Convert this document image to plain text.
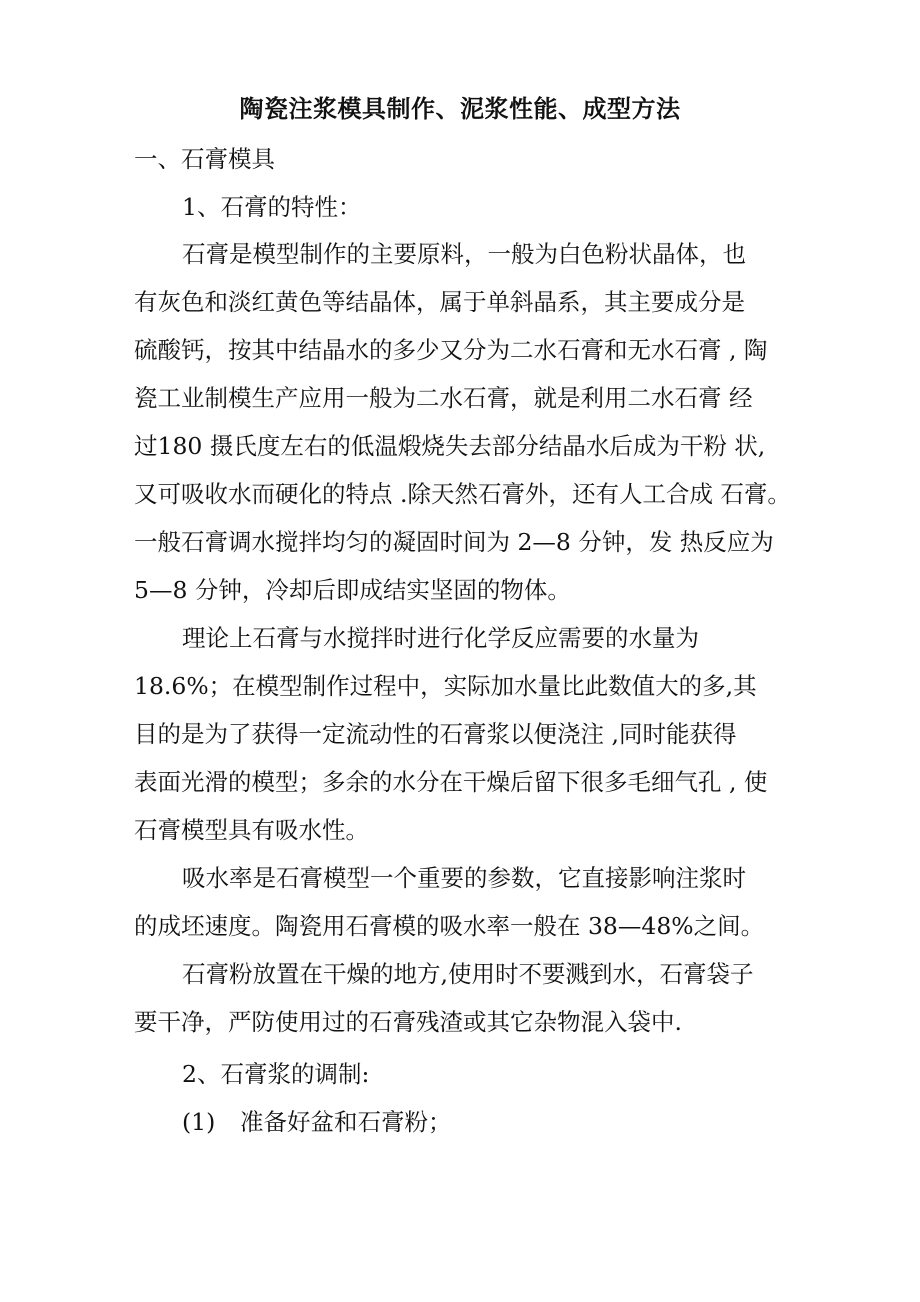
陶瓷注浆模具制作、泥浆性能、成型方法
一、石膏模具
1、石膏的特性：
石膏是模型制作的主要原料，一般为白色粉状晶体，也
有灰色和淡红黄色等结晶体，属于单斜晶系，其主要成分是
硫酸钙，按其中结晶水的多少又分为二水石膏和无水石膏 , 陶
瓷工业制模生产应用一般为二水石膏，就是利用二水石膏 经
过180 摄氏度左右的低温煅烧失去部分结晶水后成为干粉 状,
又可吸收水而硬化的特点 .除天然石膏外，还有人工合成 石膏。
一般石膏调水搅拌均匀的凝固时间为 2—8 分钟，发 热反应为
5—8 分钟，冷却后即成结实坚固的物体。
理论上石膏与水搅拌时进行化学反应需要的水量为
18.6%；在模型制作过程中，实际加水量比此数值大的多,其
目的是为了获得一定流动性的石膏浆以便浇注 ,同时能获得
表面光滑的模型；多余的水分在干燥后留下很多毛细气孔 , 使
石膏模型具有吸水性。
吸水率是石膏模型一个重要的参数，它直接影响注浆时
的成坯速度。陶瓷用石膏模的吸水率一般在 38—48%之间。
石膏粉放置在干燥的地方,使用时不要溅到水，石膏袋子
要干净，严防使用过的石膏残渣或其它杂物混入袋中.
2、石膏浆的调制:
(1) 准备好盆和石膏粉；
